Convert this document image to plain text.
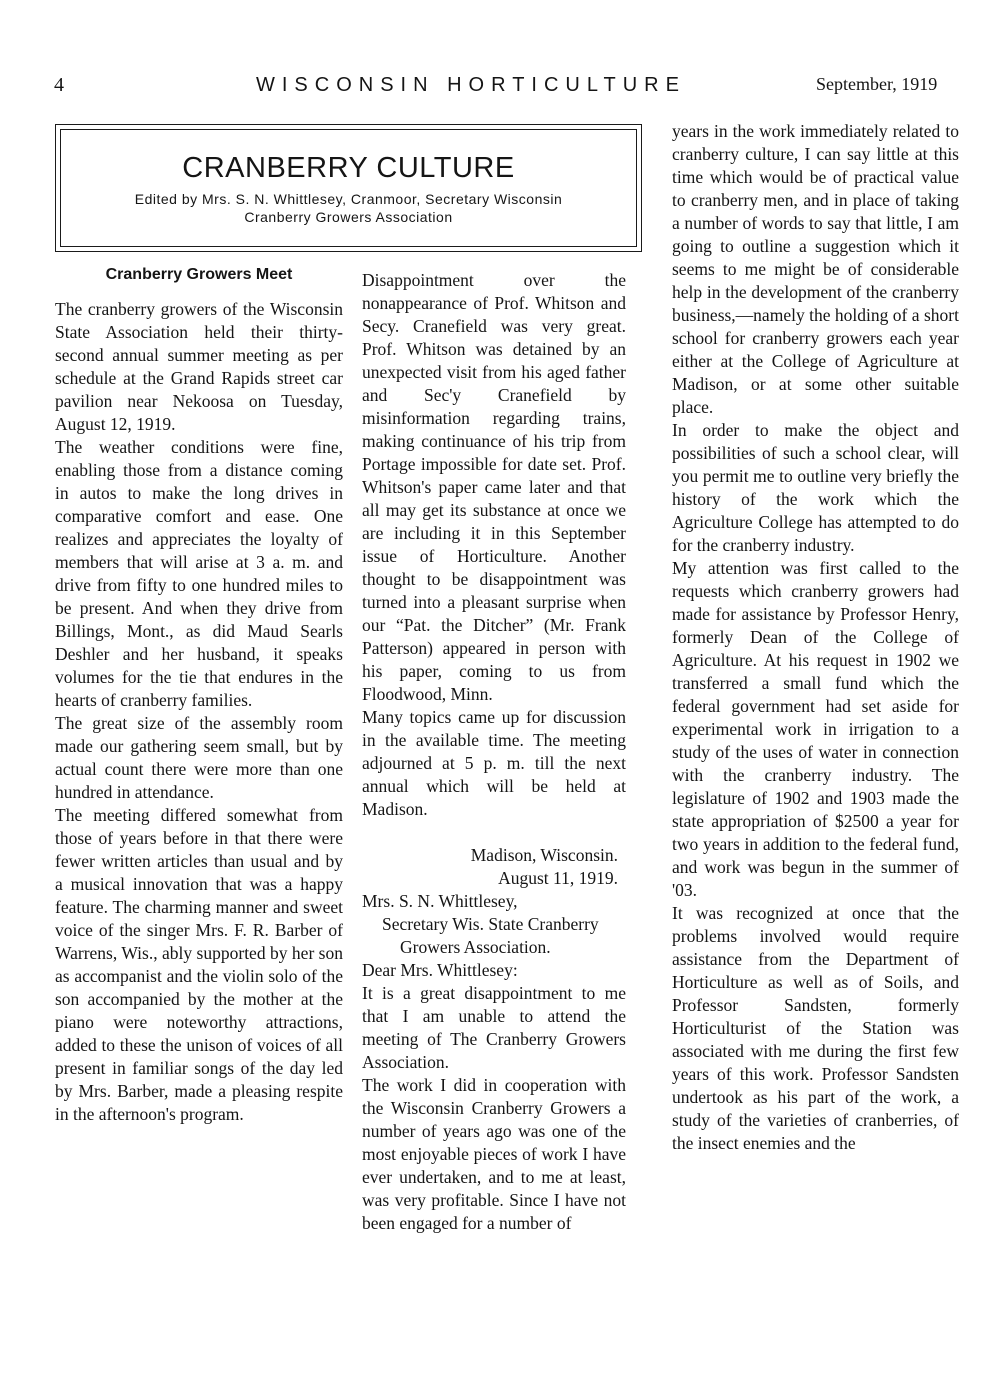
4	WISCONSIN HORTICULTURE	September, 1919
CRANBERRY CULTURE
Edited by Mrs. S. N. Whittlesey, Cranmoor, Secretary Wisconsin
Cranberry Growers Association
Cranberry Growers Meet

The cranberry growers of the Wisconsin State Association held their thirty-second annual summer meeting as per schedule at the Grand Rapids street car pavilion near Nekoosa on Tuesday, August 12, 1919.

The weather conditions were fine, enabling those from a distance coming in autos to make the long drives in comparative comfort and ease. One realizes and appreciates the loyalty of members that will arise at 3 a. m. and drive from fifty to one hundred miles to be present. And when they drive from Billings, Mont., as did Maud Searls Deshler and her husband, it speaks volumes for the tie that endures in the hearts of cranberry families.

The great size of the assembly room made our gathering seem small, but by actual count there were more than one hundred in attendance.

The meeting differed somewhat from those of years before in that there were fewer written articles than usual and by a musical innovation that was a happy feature. The charming manner and sweet voice of the singer Mrs. F. R. Barber of Warrens, Wis., ably supported by her son as accompanist and the violin solo of the son accompanied by the mother at the piano were noteworthy attractions, added to these the unison of voices of all present in familiar songs of the day led by Mrs. Barber, made a pleasing respite in the afternoon's program.

Disappointment over the nonappearance of Prof. Whitson and Secy. Cranefield was very great. Prof. Whitson was detained by an unexpected visit from his aged father and Sec'y Cranefield by misinformation regarding trains, making continuance of his trip from Portage impossible for date set. Prof. Whitson's paper came later and that all may get its substance at once we are including it in this September issue of Horticulture. Another thought to be disappointment was turned into a pleasant surprise when our “Pat. the Ditcher” (Mr. Frank Patterson) appeared in person with his paper, coming to us from Floodwood, Minn.

Many topics came up for discussion in the available time. The meeting adjourned at 5 p. m. till the next annual which will be held at Madison.

Madison, Wisconsin.

August 11, 1919.

Mrs. S. N. Whittlesey,

Secretary Wis. State Cranberry

Growers Association.

Dear Mrs. Whittlesey:

It is a great disappointment to me that I am unable to attend the meeting of The Cranberry Growers Association.

The work I did in cooperation with the Wisconsin Cranberry Growers a number of years ago was one of the most enjoyable pieces of work I have ever undertaken, and to me at least, was very profitable. Since I have not been engaged for a number of

years in the work immediately related to cranberry culture, I can say little at this time which would be of practical value to cranberry men, and in place of taking a number of words to say that little, I am going to outline a suggestion which it seems to me might be of considerable help in the development of the cranberry business,—namely the holding of a short school for cranberry growers each year either at the College of Agriculture at Madison, or at some other suitable place.

In order to make the object and possibilities of such a school clear, will you permit me to outline very briefly the history of the work which the Agriculture College has attempted to do for the cranberry industry.

My attention was first called to the requests which cranberry growers had made for assistance by Professor Henry, formerly Dean of the College of Agriculture. At his request in 1902 we transferred a small fund which the federal government had set aside for experimental work in irrigation to a study of the uses of water in connection with the cranberry industry. The legislature of 1902 and 1903 made the state appropriation of $2500 a year for two years in addition to the federal fund, and work was begun in the summer of '03.

It was recognized at once that the problems involved would require assistance from the Department of Horticulture as well as of Soils, and Professor Sandsten, formerly Horticulturist of the Station was associated with me during the first few years of this work. Professor Sandsten undertook as his part of the work, a study of the varieties of cranberries, of the insect enemies and the
